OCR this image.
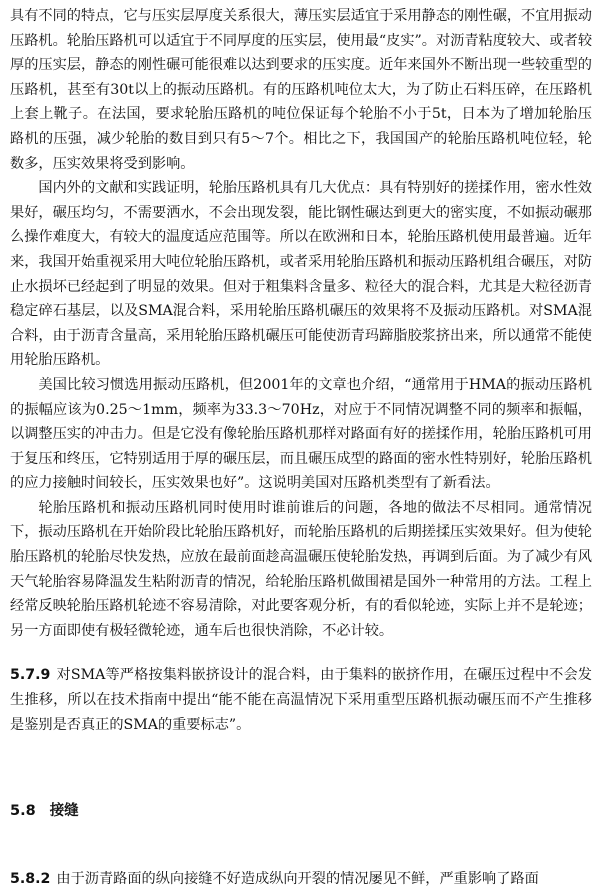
具有不同的特点，它与压实层厚度关系很大，薄压实层适宜于采用静态的刚性碾，不宜用振动压路机。轮胎压路机可以适宜于不同厚度的压实层，使用最“皮实”。对沥青粘度较大、或者较厚的压实层，静态的刚性碾可能很难以达到要求的压实度。近年来国外不断出现一些较重型的压路机，甚至有30t以上的振动压路机。有的压路机吨位太大，为了防止石料压碎，在压路机上套上靴子。在法国，要求轮胎压路机的吨位保证每个轮胎不小于5t，日本为了增加轮胎压路机的压强，减少轮胎的数目到只有5～7个。相比之下，我国国产的轮胎压路机吨位轻，轮数多，压实效果将受到影响。

国内外的文献和实践证明，轮胎压路机具有几大优点：具有特别好的搓揉作用，密水性效果好，碾压均匀，不需要洒水，不会出现发裂，能比钢性碾达到更大的密实度，不如振动碾那么操作难度大，有较大的温度适应范围等。所以在欧洲和日本，轮胎压路机使用最普遍。近年来，我国开始重视采用大吨位轮胎压路机，或者采用轮胎压路机和振动压路机组合碾压，对防止水损坏已经起到了明显的效果。但对于粗集料含量多、粒径大的混合料，尤其是大粒径沥青稳定碎石基层，以及SMA混合料，采用轮胎压路机碾压的效果将不及振动压路机。对SMA混合料，由于沥青含量高，采用轮胎压路机碾压可能使沥青玛蹄脂胶浆挤出来，所以通常不能使用轮胎压路机。

美国比较习惯选用振动压路机，但2001年的文章也介绍，“通常用于HMA的振动压路机的振幅应该为0.25～1mm，频率为33.3～70Hz，对应于不同情况调整不同的频率和振幅，以调整压实的冲击力。但是它没有像轮胎压路机那样对路面有好的搓揉作用，轮胎压路机可用于复压和终压，它特别适用于厚的碾压层，而且碾压成型的路面的密水性特别好，轮胎压路机的应力接触时间较长，压实效果也好”。这说明美国对压路机类型有了新看法。

轮胎压路机和振动压路机同时使用时谁前谁后的问题，各地的做法不尽相同。通常情况下，振动压路机在开始阶段比轮胎压路机好，而轮胎压路机的后期搓揉压实效果好。但为使轮胎压路机的轮胎尽快发热，应放在最前面趁高温碾压使轮胎发热，再调到后面。为了减少有风天气轮胎容易降温发生粘附沥青的情况，给轮胎压路机做围裙是国外一种常用的方法。工程上经常反映轮胎压路机轮迹不容易清除，对此要客观分析，有的看似轮迹，实际上并不是轮迹；另一方面即使有极轻微轮迹，通车后也很快消除，不必计较。

5.7.9 对SMA等严格按集料嵌挤设计的混合料，由于集料的嵌挤作用，在碾压过程中不会发生推移，所以在技术指南中提出“能不能在高温情况下采用重型压路机振动碾压而不产生推移是鉴别是否真正的SMA的重要标志”。

5.8 接缝

5.8.2 由于沥青路面的纵向接缝不好造成纵向开裂的情况屡见不鲜，严重影响了路面
